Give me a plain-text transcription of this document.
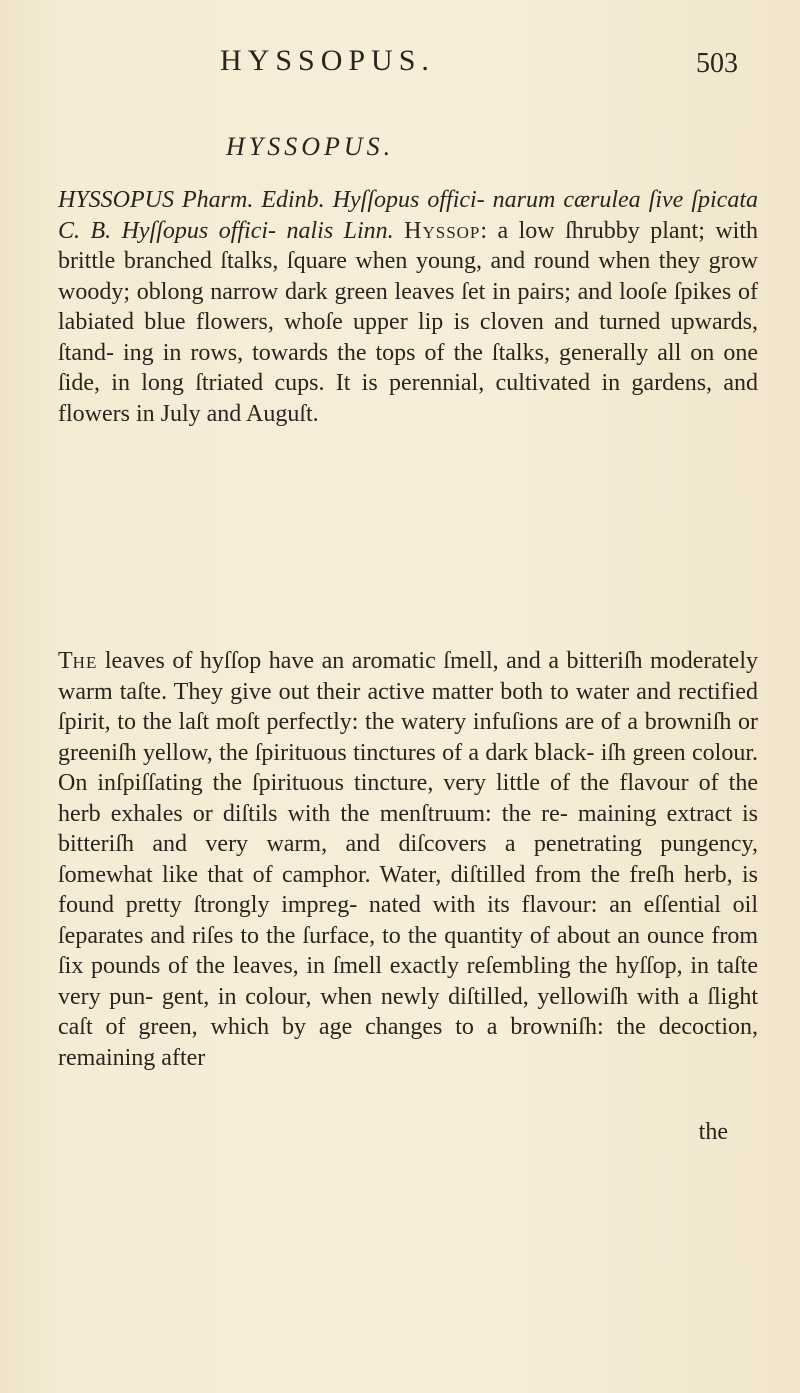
HYSSOPUS.	503
HYSSOPUS.

HYSSOPUS Pharm. Edinb. Hyſſopus offici- narum cærulea ſive ſpicata C. B. Hyſſopus offici- nalis Linn. Hyssop: a low ſhrubby plant; with brittle branched ſtalks, ſquare when young, and round when they grow woody; oblong narrow dark green leaves ſet in pairs; and looſe ſpikes of labiated blue flowers, whoſe upper lip is cloven and turned upwards, ſtand- ing in rows, towards the tops of the ſtalks, generally all on one ſide, in long ſtriated cups. It is perennial, cultivated in gardens, and flowers in July and Auguſt.

The leaves of hyſſop have an aromatic ſmell, and a bitteriſh moderately warm taſte. They give out their active matter both to water and rectified ſpirit, to the laſt moſt perfectly: the watery infuſions are of a browniſh or greeniſh yellow, the ſpirituous tinctures of a dark black- iſh green colour. On inſpiſſating the ſpirituous tincture, very little of the flavour of the herb exhales or diſtils with the menſtruum: the re- maining extract is bitteriſh and very warm, and diſcovers a penetrating pungency, ſomewhat like that of camphor. Water, diſtilled from the freſh herb, is found pretty ſtrongly impreg- nated with its flavour: an eſſential oil ſeparates and riſes to the ſurface, to the quantity of about an ounce from ſix pounds of the leaves, in ſmell exactly reſembling the hyſſop, in taſte very pun- gent, in colour, when newly diſtilled, yellowiſh with a ſlight caſt of green, which by age changes to a browniſh: the decoction, remaining after

the
